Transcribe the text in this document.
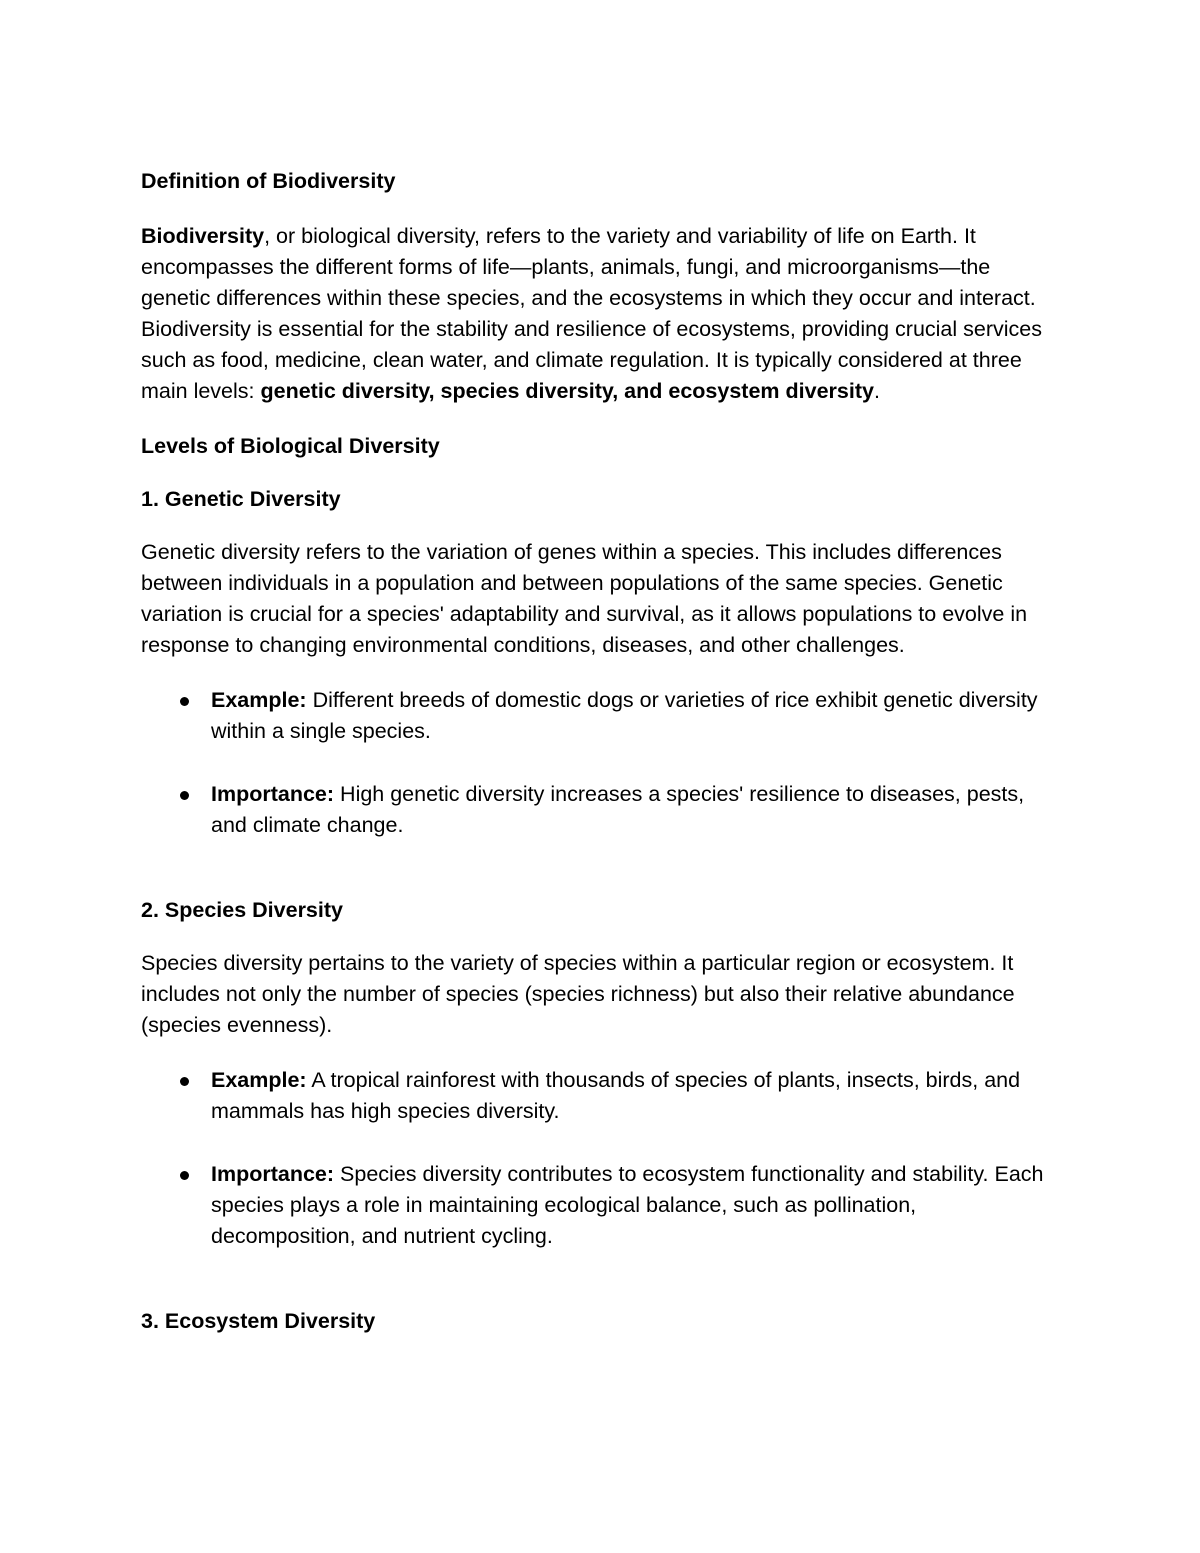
Definition of Biodiversity

Biodiversity, or biological diversity, refers to the variety and variability of life on Earth. It encompasses the different forms of life—plants, animals, fungi, and microorganisms—the genetic differences within these species, and the ecosystems in which they occur and interact. Biodiversity is essential for the stability and resilience of ecosystems, providing crucial services such as food, medicine, clean water, and climate regulation. It is typically considered at three main levels: genetic diversity, species diversity, and ecosystem diversity.

Levels of Biological Diversity
1. Genetic Diversity

Genetic diversity refers to the variation of genes within a species. This includes differences between individuals in a population and between populations of the same species. Genetic variation is crucial for a species' adaptability and survival, as it allows populations to evolve in response to changing environmental conditions, diseases, and other challenges.

Example: Different breeds of domestic dogs or varieties of rice exhibit genetic diversity within a single species.
Importance: High genetic diversity increases a species' resilience to diseases, pests, and climate change.
2. Species Diversity

Species diversity pertains to the variety of species within a particular region or ecosystem. It includes not only the number of species (species richness) but also their relative abundance (species evenness).

Example: A tropical rainforest with thousands of species of plants, insects, birds, and mammals has high species diversity.
Importance: Species diversity contributes to ecosystem functionality and stability. Each species plays a role in maintaining ecological balance, such as pollination, decomposition, and nutrient cycling.
3. Ecosystem Diversity
